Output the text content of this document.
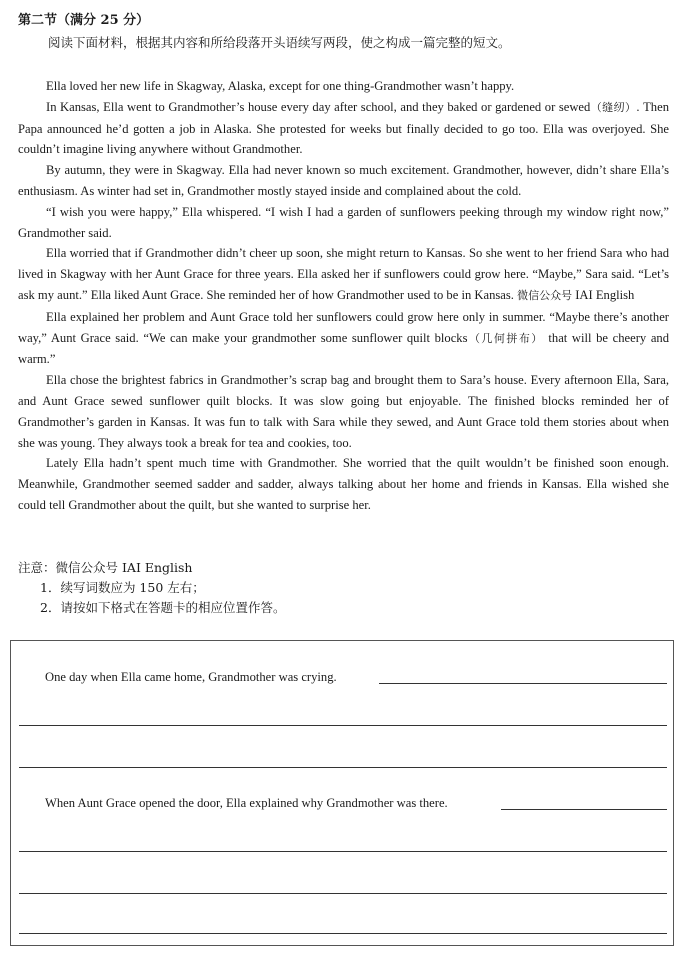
第二节（满分 25 分）
阅读下面材料，根据其内容和所给段落开头语续写两段，使之构成一篇完整的短文。

Ella loved her new life in Skagway, Alaska, except for one thing-Grandmother wasn’t happy.

In Kansas, Ella went to Grandmother’s house every day after school, and they baked or gardened or sewed（缝纫）. Then Papa announced he’d gotten a job in Alaska. She protested for weeks but finally decided to go too. Ella was overjoyed. She couldn’t imagine living anywhere without Grandmother.

By autumn, they were in Skagway. Ella had never known so much excitement. Grandmother, however, didn’t share Ella’s enthusiasm. As winter had set in, Grandmother mostly stayed inside and complained about the cold.

“I wish you were happy,” Ella whispered. “I wish I had a garden of sunflowers peeking through my window right now,” Grandmother said.

Ella worried that if Grandmother didn’t cheer up soon, she might return to Kansas. So she went to her friend Sara who had lived in Skagway with her Aunt Grace for three years. Ella asked her if sunflowers could grow here. “Maybe,” Sara said. “Let’s ask my aunt.” Ella liked Aunt Grace. She reminded her of how Grandmother used to be in Kansas. 微信公众号 IAI English

Ella explained her problem and Aunt Grace told her sunflowers could grow here only in summer. “Maybe there’s another way,” Aunt Grace said. “We can make your grandmother some sunflower quilt blocks（几何拼布） that will be cheery and warm.”

Ella chose the brightest fabrics in Grandmother’s scrap bag and brought them to Sara’s house. Every afternoon Ella, Sara, and Aunt Grace sewed sunflower quilt blocks. It was slow going but enjoyable. The finished blocks reminded her of Grandmother’s garden in Kansas. It was fun to talk with Sara while they sewed, and Aunt Grace told them stories about when she was young. They always took a break for tea and cookies, too.

Lately Ella hadn’t spent much time with Grandmother. She worried that the quilt wouldn’t be finished soon enough. Meanwhile, Grandmother seemed sadder and sadder, always talking about her home and friends in Kansas. Ella wished she could tell Grandmother about the quilt, but she wanted to surprise her.

注意：微信公众号 IAI English
1．续写词数应为 150 左右；
2．请按如下格式在答题卡的相应位置作答。
One day when Ella came home, Grandmother was crying.
When Aunt Grace opened the door, Ella explained why Grandmother was there.
